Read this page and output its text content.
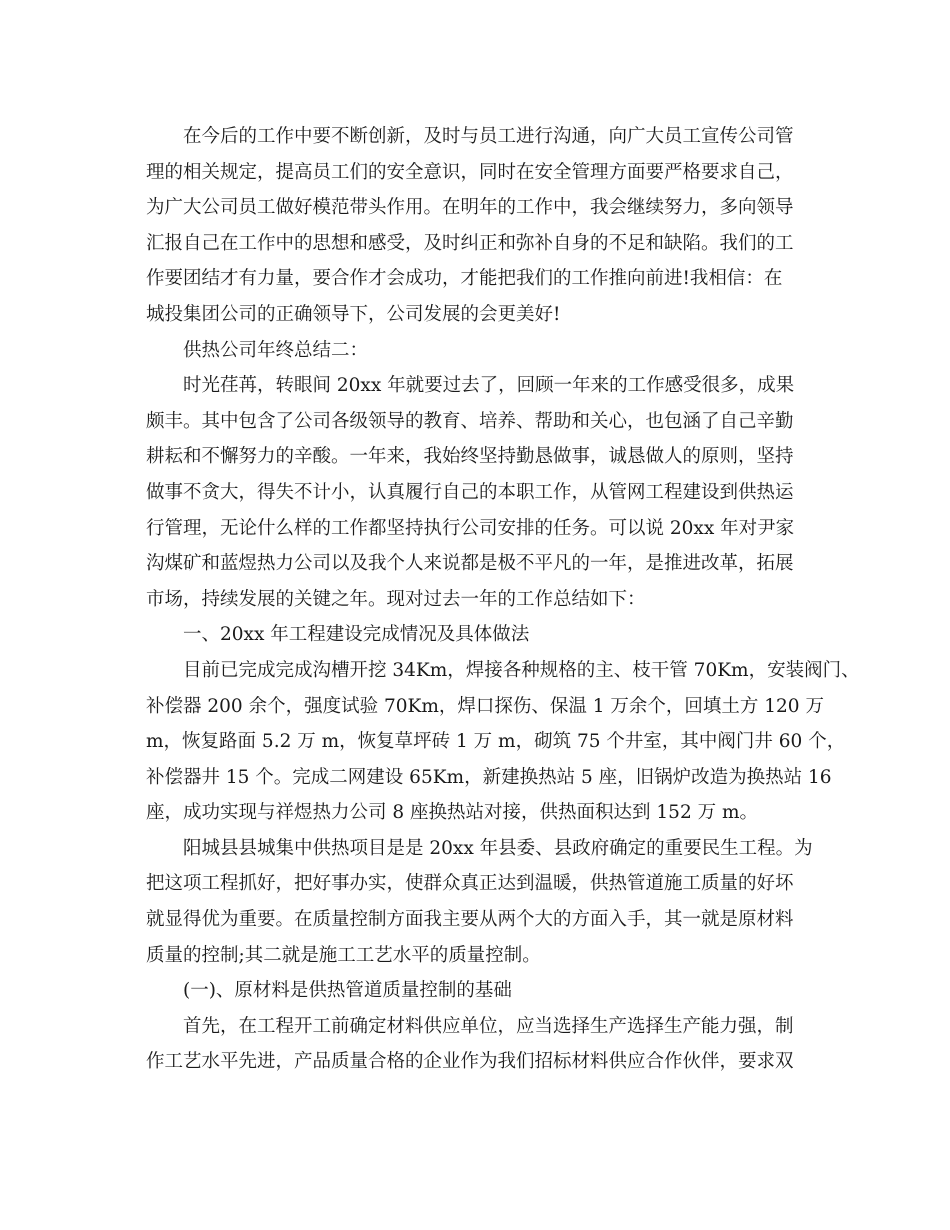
在今后的工作中要不断创新，及时与员工进行沟通，向广大员工宣传公司管

理的相关规定，提高员工们的安全意识，同时在安全管理方面要严格要求自己，

为广大公司员工做好模范带头作用。在明年的工作中，我会继续努力，多向领导

汇报自己在工作中的思想和感受，及时纠正和弥补自身的不足和缺陷。我们的工

作要团结才有力量，要合作才会成功，才能把我们的工作推向前进!我相信：在

城投集团公司的正确领导下，公司发展的会更美好!

供热公司年终总结二：

时光荏苒，转眼间 20xx 年就要过去了，回顾一年来的工作感受很多，成果

颇丰。其中包含了公司各级领导的教育、培养、帮助和关心，也包涵了自己辛勤

耕耘和不懈努力的辛酸。一年来，我始终坚持勤恳做事，诚恳做人的原则，坚持

做事不贪大，得失不计小，认真履行自己的本职工作，从管网工程建设到供热运

行管理，无论什么样的工作都坚持执行公司安排的任务。可以说 20xx 年对尹家

沟煤矿和蓝煜热力公司以及我个人来说都是极不平凡的一年，是推进改革，拓展

市场，持续发展的关键之年。现对过去一年的工作总结如下：

一、20xx 年工程建设完成情况及具体做法

目前已完成完成沟槽开挖 34Km，焊接各种规格的主、枝干管 70Km，安装阀门、

补偿器 200 余个，强度试验 70Km，焊口探伤、保温 1 万余个，回填土方 120 万

m，恢复路面 5.2 万 m，恢复草坪砖 1 万 m，砌筑 75 个井室，其中阀门井 60 个，

补偿器井 15 个。完成二网建设 65Km，新建换热站 5 座，旧锅炉改造为换热站 16

座，成功实现与祥煜热力公司 8 座换热站对接，供热面积达到 152 万 m。

阳城县县城集中供热项目是是 20xx 年县委、县政府确定的重要民生工程。为

把这项工程抓好，把好事办实，使群众真正达到温暖，供热管道施工质量的好坏

就显得优为重要。在质量控制方面我主要从两个大的方面入手，其一就是原材料

质量的控制;其二就是施工工艺水平的质量控制。

(一)、原材料是供热管道质量控制的基础

首先，在工程开工前确定材料供应单位，应当选择生产选择生产能力强，制

作工艺水平先进，产品质量合格的企业作为我们招标材料供应合作伙伴，要求双
